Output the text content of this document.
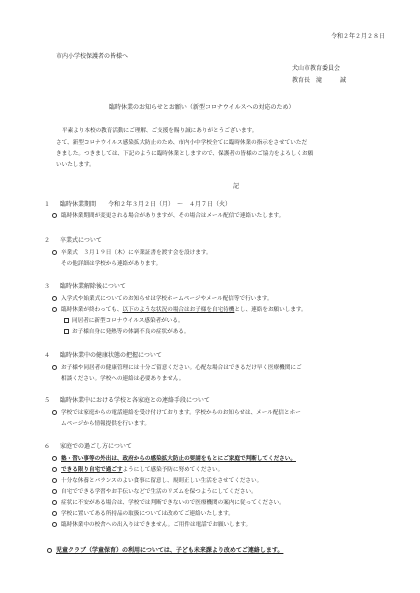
令和２年２月２８日
市内小学校保護者の皆様へ
犬山市教育委員会
教育長　滝　　　誠
臨時休業のお知らせとお願い（新型コロナウイルスへの対応のため）
平素より本校の教育活動にご理解、ご支援を賜り誠にありがとうございます。
さて、新型コロナウイルス感染拡大防止のため、市内小中学校全てに臨時休業の指示をさせていただ
きました。つきましては、下記のように臨時休業としますので、保護者の皆様のご協力をよろしくお願
いいたします。
記
１ 臨時休業期間　　令和２年３月２日（月）　～　４月７日（火）
臨時休業期間が変更される場合がありますが、その場合はメール配信で連絡いたします。
２ 卒業式について
卒業式　３月１９日（木）に卒業証書を渡す会を設けます。
その他詳細は学校から連絡があります。
３ 臨時休業解除後について
入学式や始業式についてのお知らせは学校ホームページやメール配信等で行います。
臨時休業が終わっても、以下のような状況の場合はお子様を自宅待機とし、連絡をお願いします。
同居者に新型コロナウイルス感染者がいる。
お子様自身に発熱等の体調不良の症状がある。
４ 臨時休業中の健康状態の把握について
お子様や同居者の健康管理には十分ご留意ください。心配な場合はできるだけ早く医療機関にご
相談ください。学校への連絡は必要ありません。
５ 臨時休業中における学校と各家庭との連絡手段について
学校では家庭からの電話連絡を受け付けております。学校からのお知らせは、メール配信とホー
ムページから情報提供を行います。
６ 家庭での過ごし方について
塾・習い事等の外出は、政府からの感染拡大防止の要請をもとにご家庭で判断してください。
できる限り自宅で過ごすようにして感染予防に努めてください。
十分な休養とバランスのよい食事に留意し、規則正しい生活をさせてください。
自宅でできる学習やお手伝いなどで生活のリズムを保つようにしてください。
症状に不安がある場合は、学校では判断できないので医療機関の案内に従ってください。
学校に置いてある所持品の取扱については改めてご連絡いたします。
臨時休業中の校舎への出入りはできません。ご用件は電話でお願いします。
児童クラブ（学童保育）の利用については、子ども未来課より改めてご連絡します。
